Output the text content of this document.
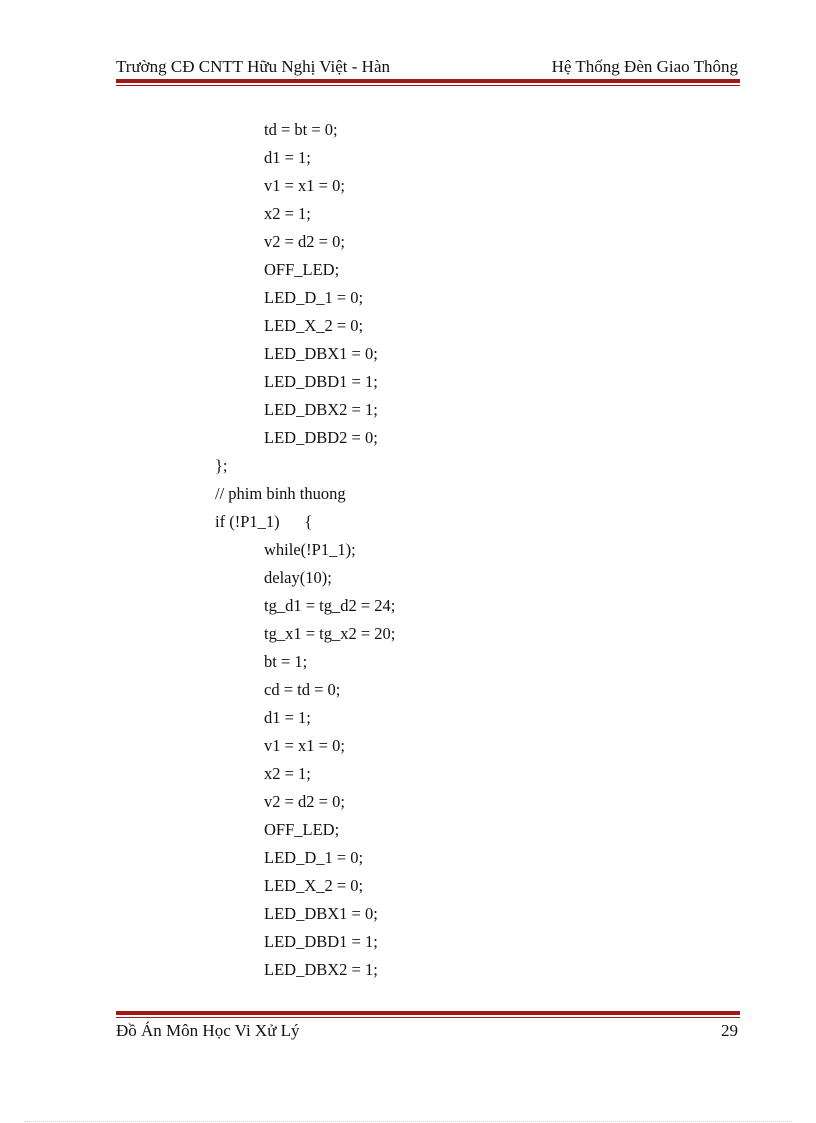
Trường CĐ CNTT Hữu Nghị Việt - Hàn	Hệ Thống Đèn Giao Thông
td = bt = 0;
d1 = 1;
v1 = x1 = 0;
x2 = 1;
v2 = d2 = 0;
OFF_LED;
LED_D_1 = 0;
LED_X_2 = 0;
LED_DBX1 = 0;
LED_DBD1 = 1;
LED_DBX2 = 1;
LED_DBD2 = 0;
};
// phim binh thuong
if (!P1_1)      {
while(!P1_1);
delay(10);
tg_d1 = tg_d2 = 24;
tg_x1 = tg_x2 = 20;
bt = 1;
cd = td = 0;
d1 = 1;
v1 = x1 = 0;
x2 = 1;
v2 = d2 = 0;
OFF_LED;
LED_D_1 = 0;
LED_X_2 = 0;
LED_DBX1 = 0;
LED_DBD1 = 1;
LED_DBX2 = 1;
Đồ Án Môn Học Vi Xử Lý	29
